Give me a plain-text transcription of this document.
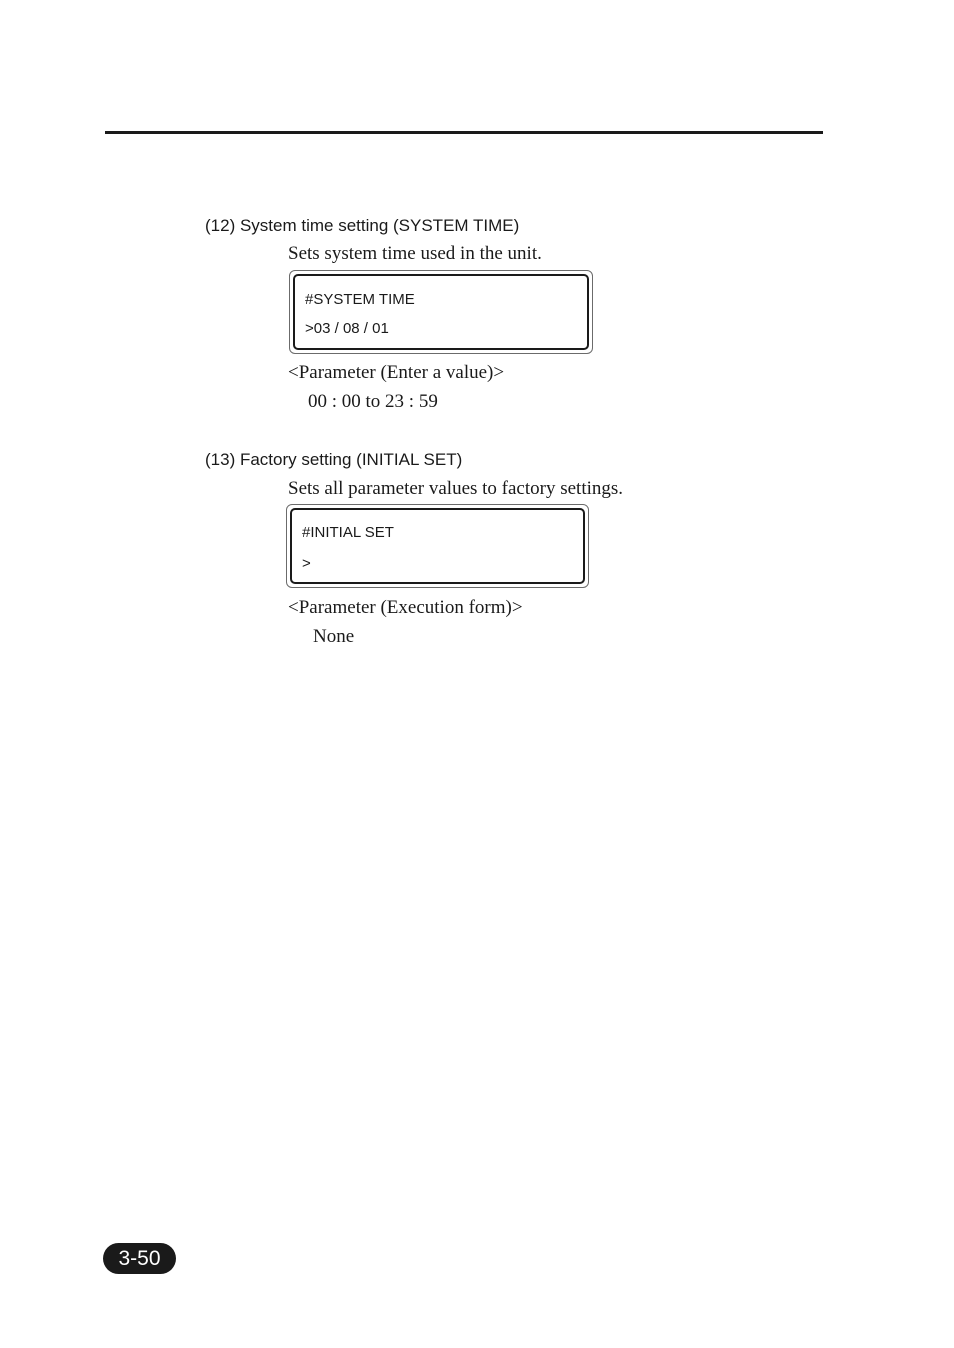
(12) System time setting (SYSTEM TIME)
Sets system time used in the unit.
#SYSTEM TIME
>03 / 08 / 01
<Parameter (Enter a value)>
00 : 00 to 23 : 59
(13) Factory setting (INITIAL SET)
Sets all parameter values to factory settings.
#INITIAL SET
>
<Parameter (Execution form)>
None
3-50
